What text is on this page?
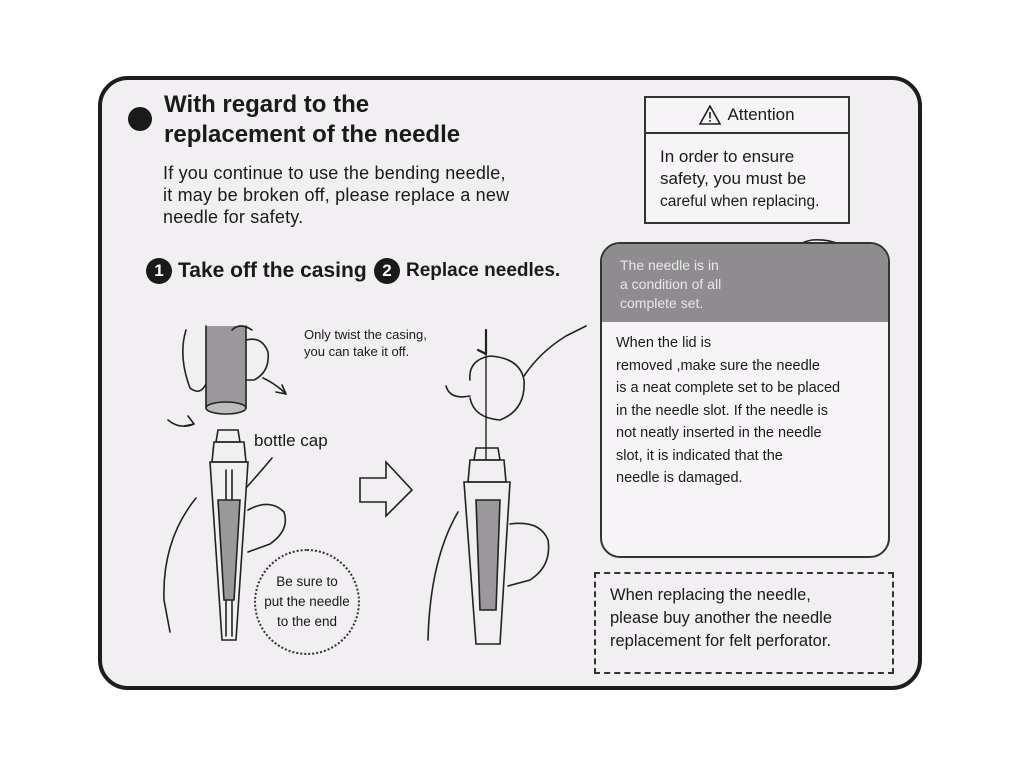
With regard to the
replacement of the needle

If you continue to use the bending needle,
it may be broken off, please replace a new
needle for safety.

Attention
In order to ensure
safety, you must be
careful when replacing.
1 Take off the casing 2 Replace needles.

Only twist the casing,
you can take it off.

bottle cap
Be sure to
put the needle
to the end

The needle is in
a condition of all
complete set.

When the lid is
removed ,make sure the needle
is a neat complete set to be placed
in the needle slot. If the needle is
not neatly inserted in the needle
slot, it is indicated that the
needle is damaged.

When replacing the needle,

please buy another the needle

replacement for felt perforator.
